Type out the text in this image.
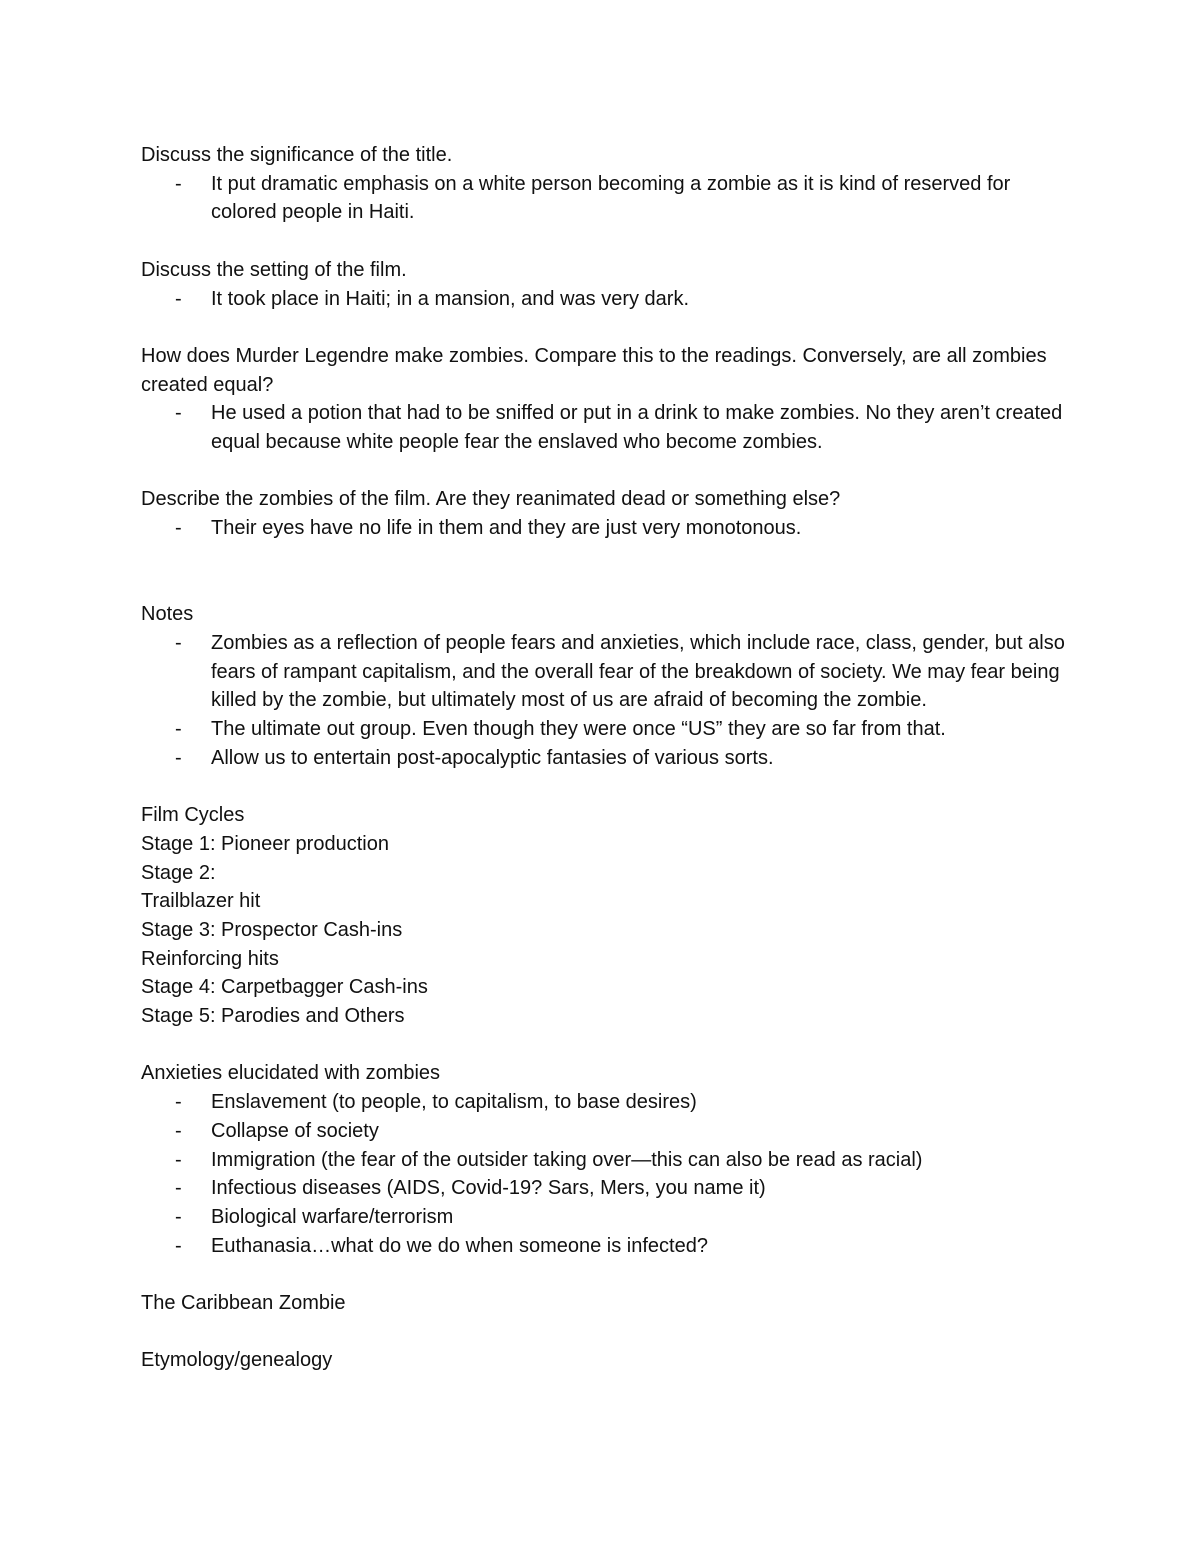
Discuss the significance of the title.

- It put dramatic emphasis on a white person becoming a zombie as it is kind of reserved for colored people in Haiti.

Discuss the setting of the film.

- It took place in Haiti; in a mansion, and was very dark.

How does Murder Legendre make zombies. Compare this to the readings. Conversely, are all zombies created equal?

- He used a potion that had to be sniffed or put in a drink to make zombies. No they aren’t created equal because white people fear the enslaved who become zombies.

Describe the zombies of the film. Are they reanimated dead or something else?

- Their eyes have no life in them and they are just very monotonous.

Notes

- Zombies as a reflection of people fears and anxieties, which include race, class, gender, but also fears of rampant capitalism, and the overall fear of the breakdown of society. We may fear being killed by the zombie, but ultimately most of us are afraid of becoming the zombie.
- The ultimate out group. Even though they were once “US” they are so far from that.
- Allow us to entertain post-apocalyptic fantasies of various sorts.

Film Cycles

Stage 1: Pioneer production

Stage 2:

Trailblazer hit

Stage 3: Prospector Cash-ins

Reinforcing hits

Stage 4: Carpetbagger Cash-ins

Stage 5: Parodies and Others

Anxieties elucidated with zombies

- Enslavement (to people, to capitalism, to base desires)
- Collapse of society
- Immigration (the fear of the outsider taking over—this can also be read as racial)
- Infectious diseases (AIDS, Covid-19? Sars, Mers, you name it)
- Biological warfare/terrorism
- Euthanasia…what do we do when someone is infected?

The Caribbean Zombie

Etymology/genealogy
